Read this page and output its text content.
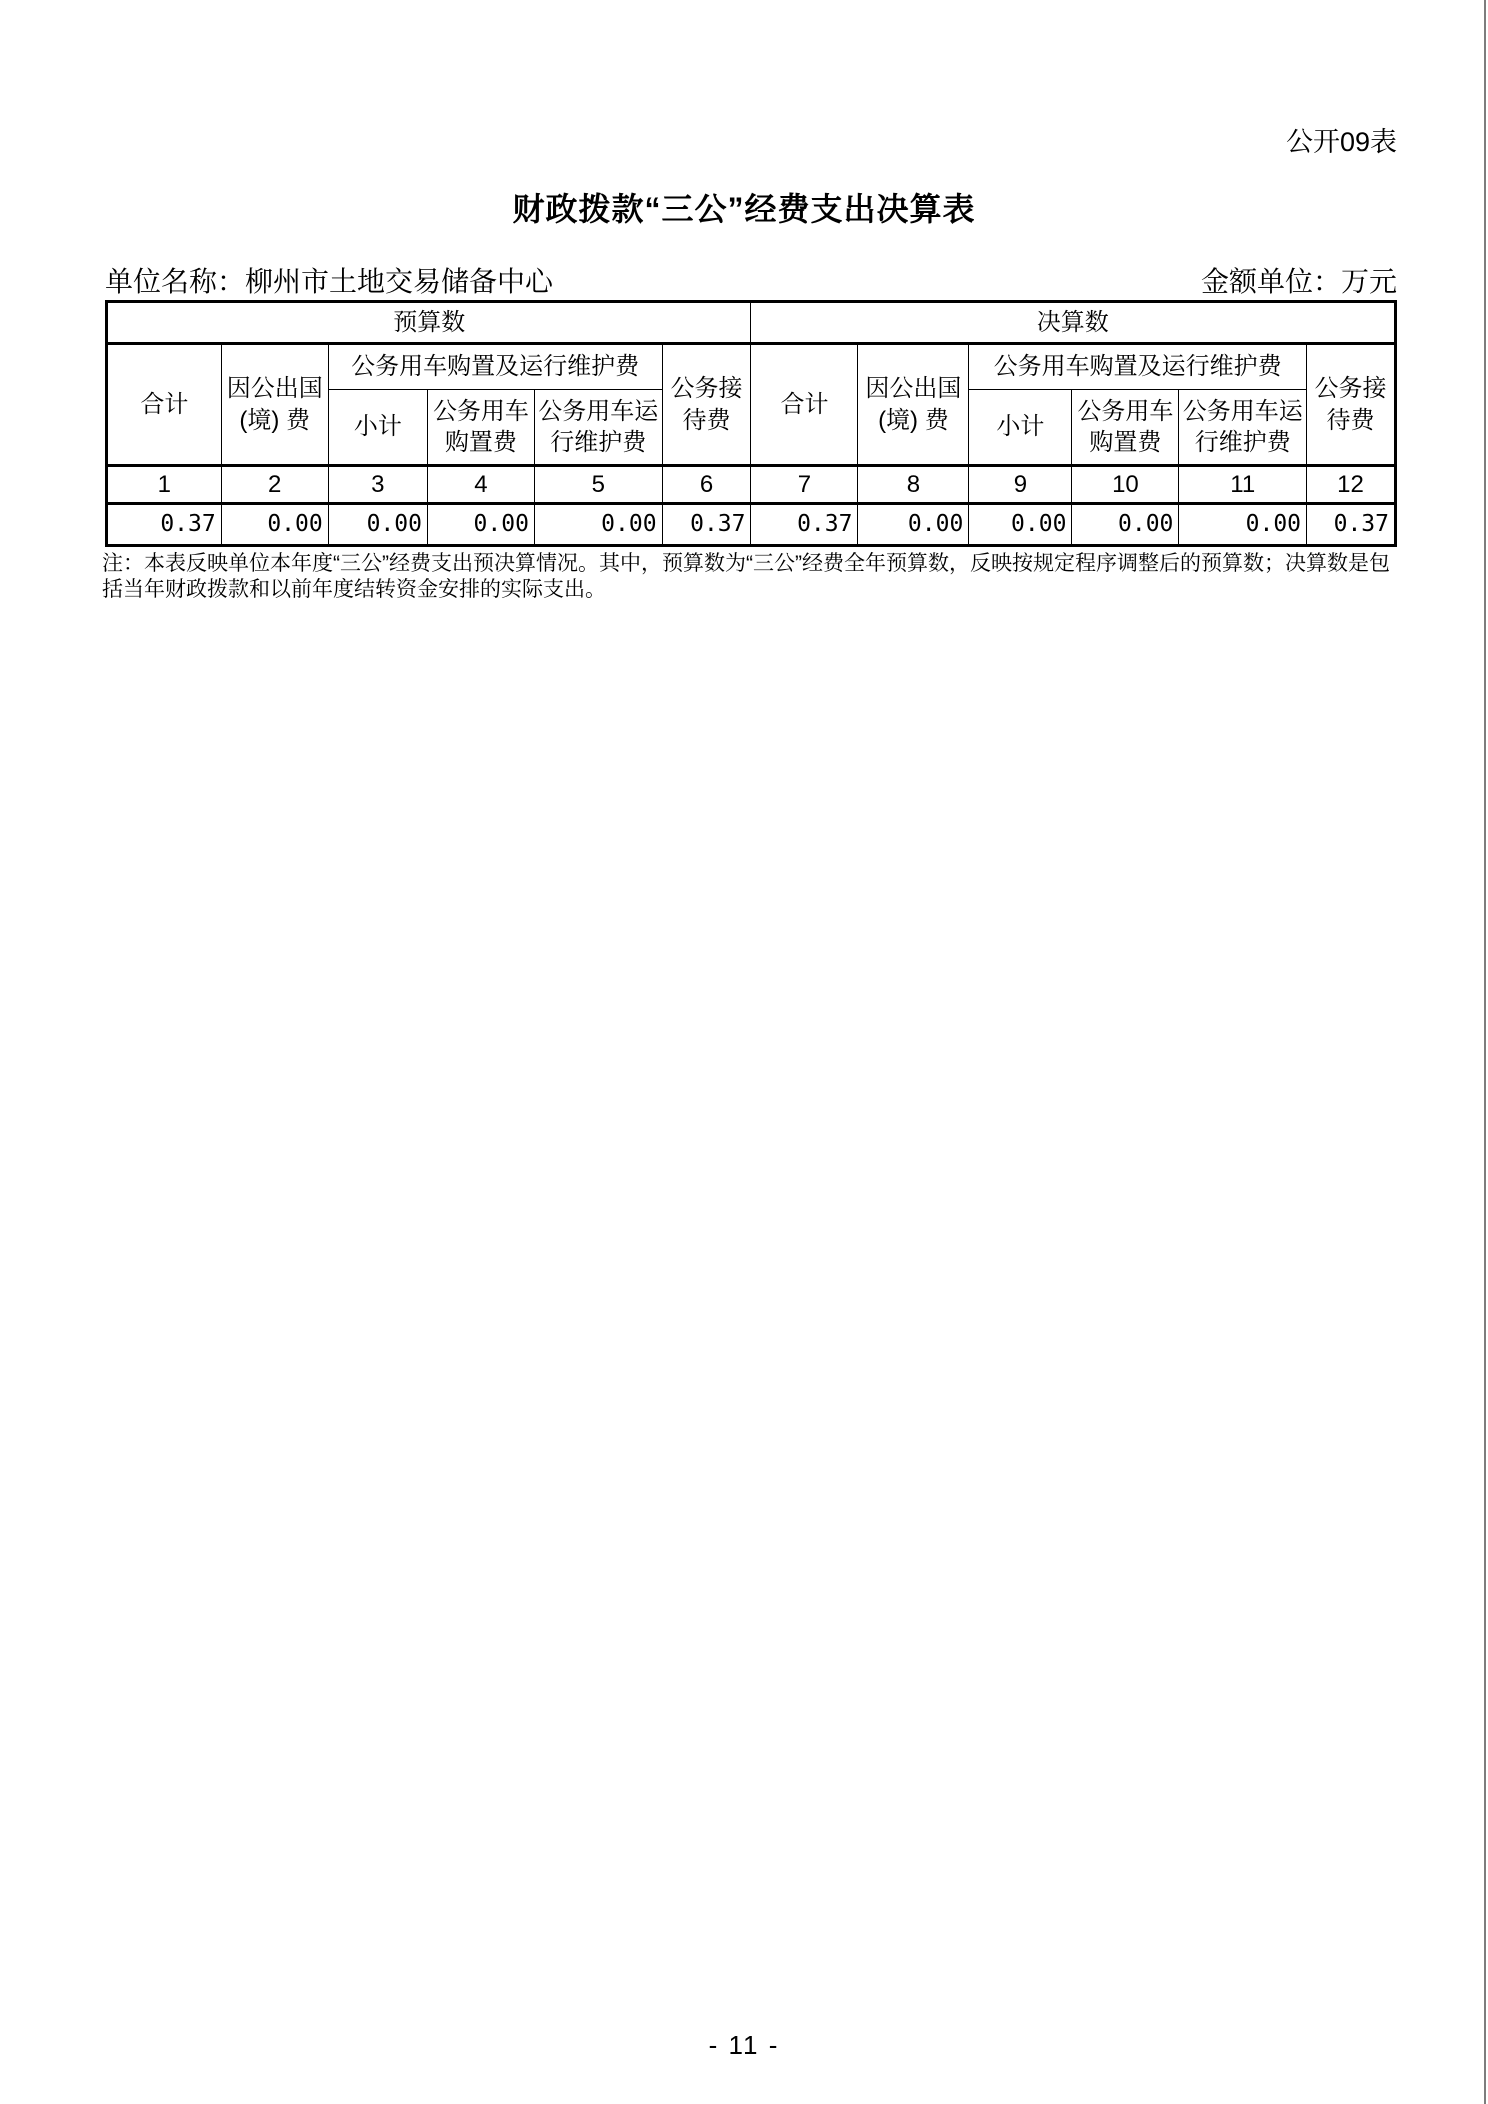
公开09表
财政拨款“三公”经费支出决算表
单位名称：柳州市土地交易储备中心	金额单位：万元
预算数						决算数					
合计	因公出国(境) 费	公务用车购置及运行维护费			公务接待费	合计	因公出国(境) 费	公务用车购置及运行维护费			公务接待费
		小计	公务用车购置费	公务用车运行维护费				小计	公务用车购置费	公务用车运行维护费	
1	2	3	4	5	6	7	8	9	10	11	12
0.37	0.00	0.00	0.00	0.00	0.37	0.37	0.00	0.00	0.00	0.00	0.37
注：本表反映单位本年度“三公”经费支出预决算情况。其中，预算数为“三公”经费全年预算数，反映按规定程序调整后的预算数；决算数是包括当年财政拨款和以前年度结转资金安排的实际支出。
- 11 -
